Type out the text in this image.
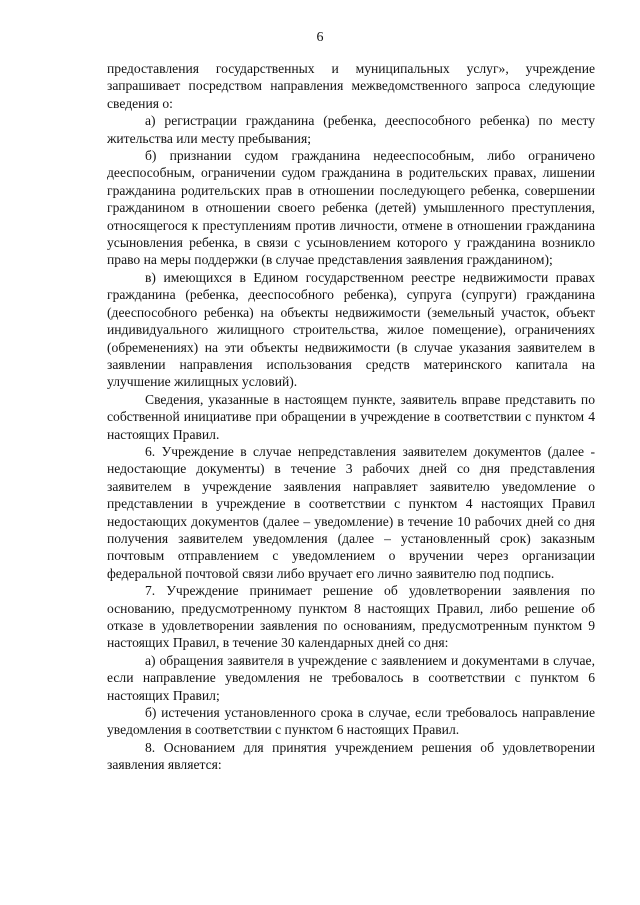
6

предоставления государственных и муниципальных услуг», учреждение запрашивает посредством направления межведомственного запроса следующие сведения о:

а) регистрации гражданина (ребенка, дееспособного ребенка) по месту жительства или месту пребывания;

б) признании судом гражданина недееспособным, либо ограничено дееспособным, ограничении судом гражданина в родительских правах, лишении гражданина родительских прав в отношении последующего ребенка, совершении гражданином в отношении своего ребенка (детей) умышленного преступления, относящегося к преступлениям против личности, отмене в отношении гражданина усыновления ребенка, в связи с усыновлением которого у гражданина возникло право на меры поддержки (в случае представления заявления гражданином);

в) имеющихся в Едином государственном реестре недвижимости правах гражданина (ребенка, дееспособного ребенка), супруга (супруги) гражданина (дееспособного ребенка) на объекты недвижимости (земельный участок, объект индивидуального жилищного строительства, жилое помещение), ограничениях (обременениях) на эти объекты недвижимости (в случае указания заявителем в заявлении направления использования средств материнского капитала на улучшение жилищных условий).

Сведения, указанные в настоящем пункте, заявитель вправе представить по собственной инициативе при обращении в учреждение в соответствии с пунктом 4 настоящих Правил.

6. Учреждение в случае непредставления заявителем документов (далее - недостающие документы) в течение 3 рабочих дней со дня представления заявителем в учреждение заявления направляет заявителю уведомление о представлении в учреждение в соответствии с пунктом 4 настоящих Правил недостающих документов (далее – уведомление) в течение 10 рабочих дней со дня получения заявителем уведомления (далее – установленный срок) заказным почтовым отправлением с уведомлением о вручении через организации федеральной почтовой связи либо вручает его лично заявителю под подпись.

7. Учреждение принимает решение об удовлетворении заявления по основанию, предусмотренному пунктом 8 настоящих Правил, либо решение об отказе в удовлетворении заявления по основаниям, предусмотренным пунктом 9 настоящих Правил, в течение 30 календарных дней со дня:

а) обращения заявителя в учреждение с заявлением и документами в случае, если направление уведомления не требовалось в соответствии с пунктом 6 настоящих Правил;

б) истечения установленного срока в случае, если требовалось направление уведомления в соответствии с пунктом 6 настоящих Правил.

8. Основанием для принятия учреждением решения об удовлетворении заявления является:
